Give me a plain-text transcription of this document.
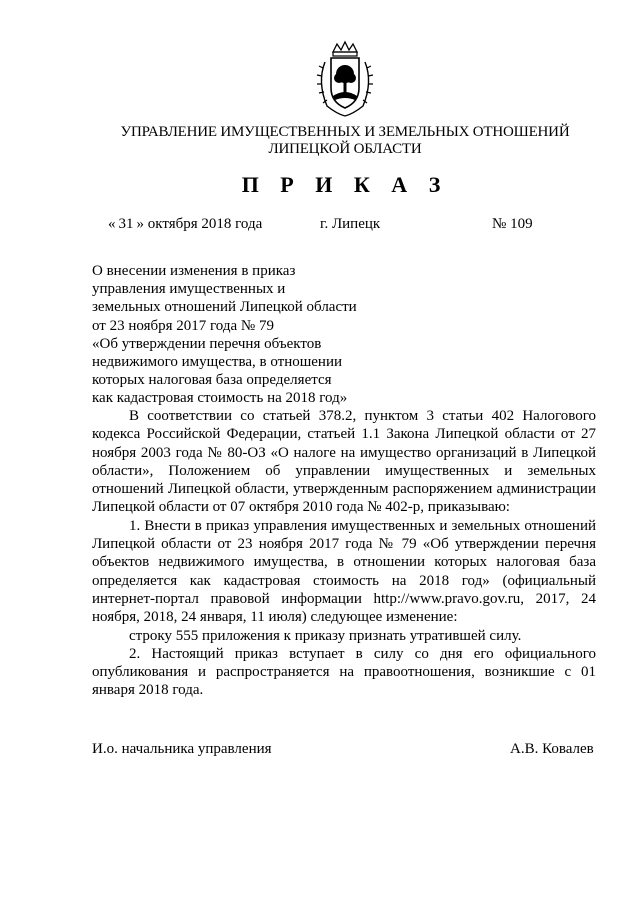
УПРАВЛЕНИЕ ИМУЩЕСТВЕННЫХ И ЗЕМЕЛЬНЫХ ОТНОШЕНИЙ
ЛИПЕЦКОЙ ОБЛАСТИ
П Р И К А З
« 31 » октября 2018 года	г. Липецк	№ 109
О внесении изменения в приказ
управления имущественных и
земельных отношений Липецкой области
от 23 ноября 2017 года № 79
«Об утверждении перечня объектов
недвижимого имущества, в отношении
которых налоговая база определяется
как кадастровая стоимость на 2018 год»

В соответствии со статьей 378.2, пунктом 3 статьи 402 Налогового кодекса Российской Федерации, статьей 1.1 Закона Липецкой области от 27 ноября 2003 года № 80-ОЗ «О налоге на имущество организаций в Липецкой области», Положением об управлении имущественных и земельных отношений Липецкой области, утвержденным распоряжением администрации Липецкой области от 07 октября 2010 года № 402-р, приказываю:

1. Внести в приказ управления имущественных и земельных отношений Липецкой области от 23 ноября 2017 года № 79 «Об утверждении перечня объектов недвижимого имущества, в отношении которых налоговая база определяется как кадастровая стоимость на 2018 год» (официальный интернет-портал правовой информации http://www.pravo.gov.ru, 2017, 24 ноября, 2018, 24 января, 11 июля) следующее изменение:

строку 555 приложения к приказу признать утратившей силу.

2. Настоящий приказ вступает в силу со дня его официального опубликования и распространяется на правоотношения, возникшие с 01 января 2018 года.

И.о. начальника управления	А.В. Ковалев
